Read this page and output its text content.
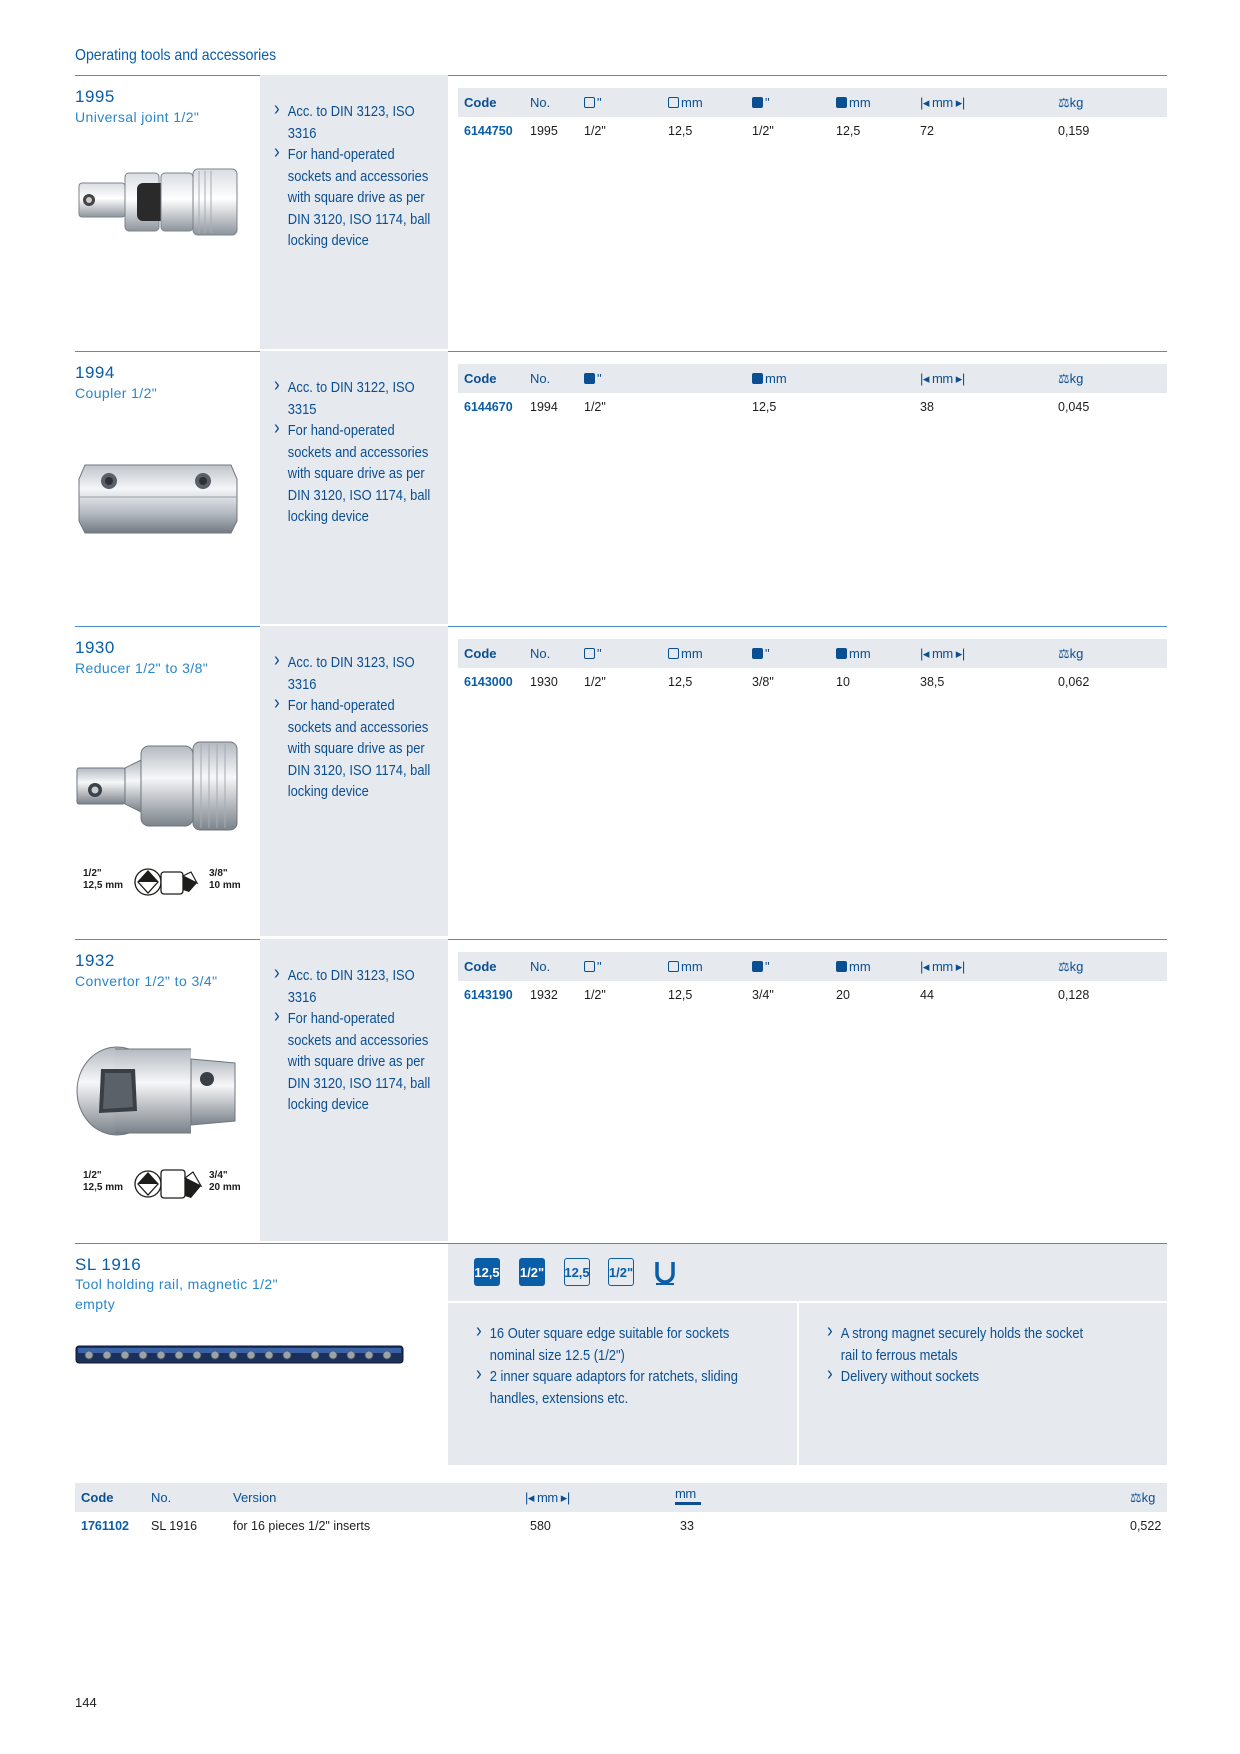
Operating tools and accessories
1995
Universal joint 1/2"	› Acc. to DIN 3123, ISO 3316
› For hand-operated sockets and accessories with square drive as per DIN 3120, ISO 1174, ball locking device
Code	No.	"	mm	"	mm	|◂ mm ▸|	⚖kg
6144750 1995 1/2"	12,5	1/2"	12,5	72	0,159
1994
Coupler 1/2"	› Acc. to DIN 3122, ISO 3315
› For hand-operated sockets and accessories with square drive as per DIN 3120, ISO 1174, ball locking device
Code	No.	"	mm	|◂ mm ▸|	⚖kg
6144670 1994 1/2"	12,5	38	0,045
1930
Reducer 1/2" to 3/8"
1/2"
12,5 mm
3/8"
10 mm
› Acc. to DIN 3123, ISO 3316
› For hand-operated sockets and accessories with square drive as per DIN 3120, ISO 1174, ball locking device
Code	No.	"	mm	"	mm	|◂ mm ▸|	⚖kg
6143000 1930 1/2"	12,5	3/8"	10	38,5	0,062
1932
Convertor 1/2" to 3/4"
1/2"
12,5 mm
3/4"
20 mm
› Acc. to DIN 3123, ISO 3316
› For hand-operated sockets and accessories with square drive as per DIN 3120, ISO 1174, ball locking device
Code	No.	"	mm	"	mm	|◂ mm ▸|	⚖kg
6143190 1932 1/2"	12,5	3/4"	20	44	0,128
SL 1916
Tool holding rail, magnetic 1/2"
empty
12,5 1/2" 12,5 1/2"
› 16 Outer square edge suitable for sockets nominal size 12.5 (1/2")
› 2 inner square adaptors for ratchets, sliding handles, extensions etc.
› A strong magnet securely holds the socket rail to ferrous metals
› Delivery without sockets
Code	No.	Version	|◂ mm ▸|	mm	⚖kg
1761102 SL 1916	for 16 pieces 1/2" inserts	580	33	0,522
144
